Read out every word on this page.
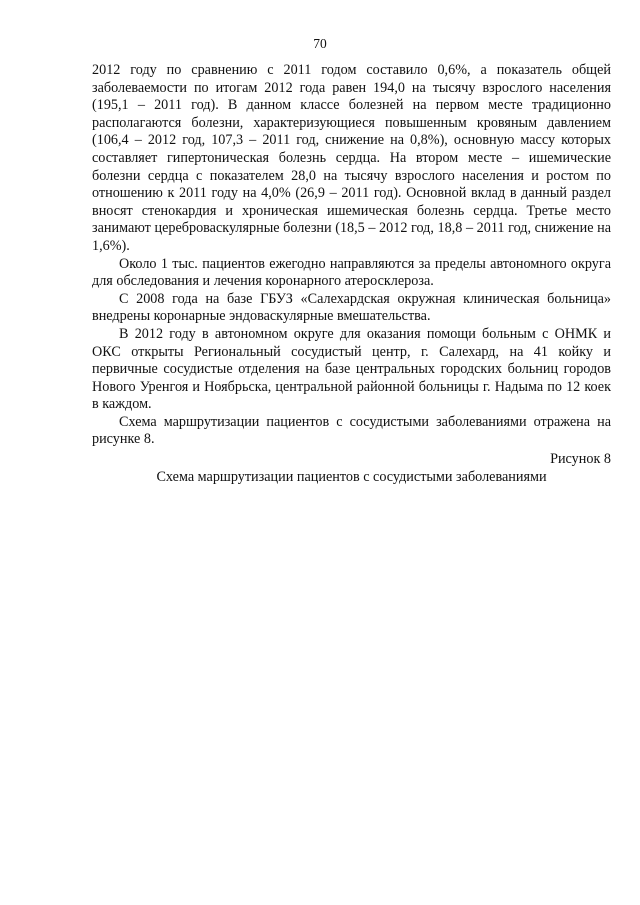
70

2012 году по сравнению с 2011 годом составило 0,6%, а показатель общей заболеваемости по итогам 2012 года равен 194,0 на тысячу взрослого населения (195,1 – 2011 год). В данном классе болезней на первом месте традиционно располагаются болезни, характеризующиеся повышенным кровяным давлением (106,4 – 2012 год, 107,3 – 2011 год, снижение на 0,8%), основную массу которых составляет гипертоническая болезнь сердца. На втором месте – ишемические болезни сердца с показателем 28,0 на тысячу взрослого населения и ростом по отношению к 2011 году на 4,0% (26,9 – 2011 год). Основной вклад в данный раздел вносят стенокардия и хроническая ишемическая болезнь сердца. Третье место занимают цереброваскулярные болезни (18,5 – 2012 год, 18,8 – 2011 год, снижение на 1,6%).

Около 1 тыс. пациентов ежегодно направляются за пределы автономного округа для обследования и лечения коронарного атеросклероза.

С 2008 года на базе ГБУЗ «Салехардская окружная клиническая больница» внедрены коронарные эндоваскулярные вмешательства.

В 2012 году в автономном округе для оказания помощи больным с ОНМК и ОКС открыты Региональный сосудистый центр, г. Салехард, на 41 койку и первичные сосудистые отделения на базе центральных городских больниц городов Нового Уренгоя и Ноябрьска, центральной районной больницы г. Надыма по 12 коек в каждом.

Схема маршрутизации пациентов с сосудистыми заболеваниями отражена на рисунке 8.

Рисунок 8

Схема маршрутизации пациентов с сосудистыми заболеваниями
